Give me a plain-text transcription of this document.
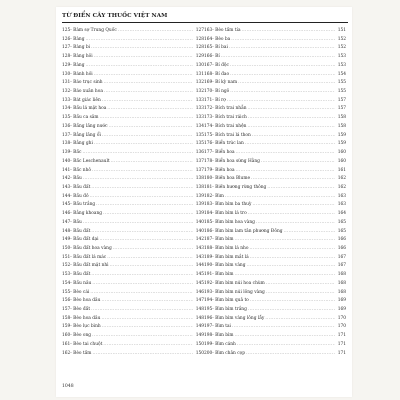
TỪ ĐIỂN CÂY THUỐC VIỆT NAM
125- Bàm sợ Trung Quốc .....	127
126- Bàng .....	128
127- Bàng bi .....	128
128- Bàng hôi .....	129
129- Bàng .....	130
130- Bánh hỏi .....	131
131- Báo trục sinh .....	132
132- Báo xuân hoa .....	132
133- Bát giác liên .....	133
134- Bầu lá mặt hoa .....	133
135- Bầu ca sâm .....	133
136- Bầng lăng nước .....	134
137- Bằng lăng ổi .....	135
138- Bằng ghi .....	135
139- Bấc .....	136
140- Bấc Leschenault .....	137
141- Bấc nhỏ .....	137
142- Bầu .....	138
143- Bầu đất .....	138
144- Bầu đỏ .....	139
145- Bầu trắng .....	139
146- Bằng khoang .....	139
147- Bầu .....	140
148- Bầu đất .....	140
149- Bầu đất dại .....	142
150- Bầu đất hoa vàng .....	143
151- Bầu đất lá mác .....	143
152- Bầu đất mặt nhì .....	144
153- Bầu đất .....	145
154- Bầu nâu .....	145
155- Bèo cái .....	146
156- Bèo hoa dâu .....	147
157- Bèo đất .....	148
158- Bèo hoa dâu .....	148
159- Bèo lục bình .....	149
160- Bèo ong .....	149
161- Bèo tai chuột .....	150
162- Bèo tấm .....	150
163- Bèo tấm tía .....	151
164- Bèo ba .....	152
165- Bí bai .....	152
166- Bí .....	153
167- Bí độc .....	153
168- Bí đao .....	154
169- Bí kỳ nam .....	155
170- Bí ngô .....	155
171- Bí rợ .....	157
172- Bích trai nhẵn .....	157
173- Bích trai ráich .....	158
174- Bích trai nhện .....	158
175- Bích trai lá thon .....	159
176- Biển trúc lan .....	159
177- Biển hoa .....	160
178- Biển hoa sừng Hằng .....	160
179- Biến hoa .....	161
180- Biến hoa Blume .....	162
181- Biến hương rừng thông .....	162
182- Bìm .....	163
183- Bìm bìm ba thuỳ .....	163
184- Bìm bìm lá tro .....	164
185- Bìm bìm hoa vàng .....	165
186- Bìm bìm lam tân phương Đông .....	165
187- Bìm bìm .....	166
188- Bìm bìm lá nho .....	166
189- Bìm bìm mắt lá .....	167
190- Bìm bìm vàng .....	167
191- Bìm bìm .....	168
192- Bìm bìm núi hoa chùm .....	168
193- Bìm bìm núi lông vàng .....	168
194- Bìm bìm quả to .....	169
195- Bìm bìm trắng .....	169
196- Bìm bìm vàng lông lẫy .....	170
197- Bìm tai .....	170
198- Bìm bìm .....	171
199- Bìm cánh .....	171
200- Bìm chân cọp .....	171
1048
